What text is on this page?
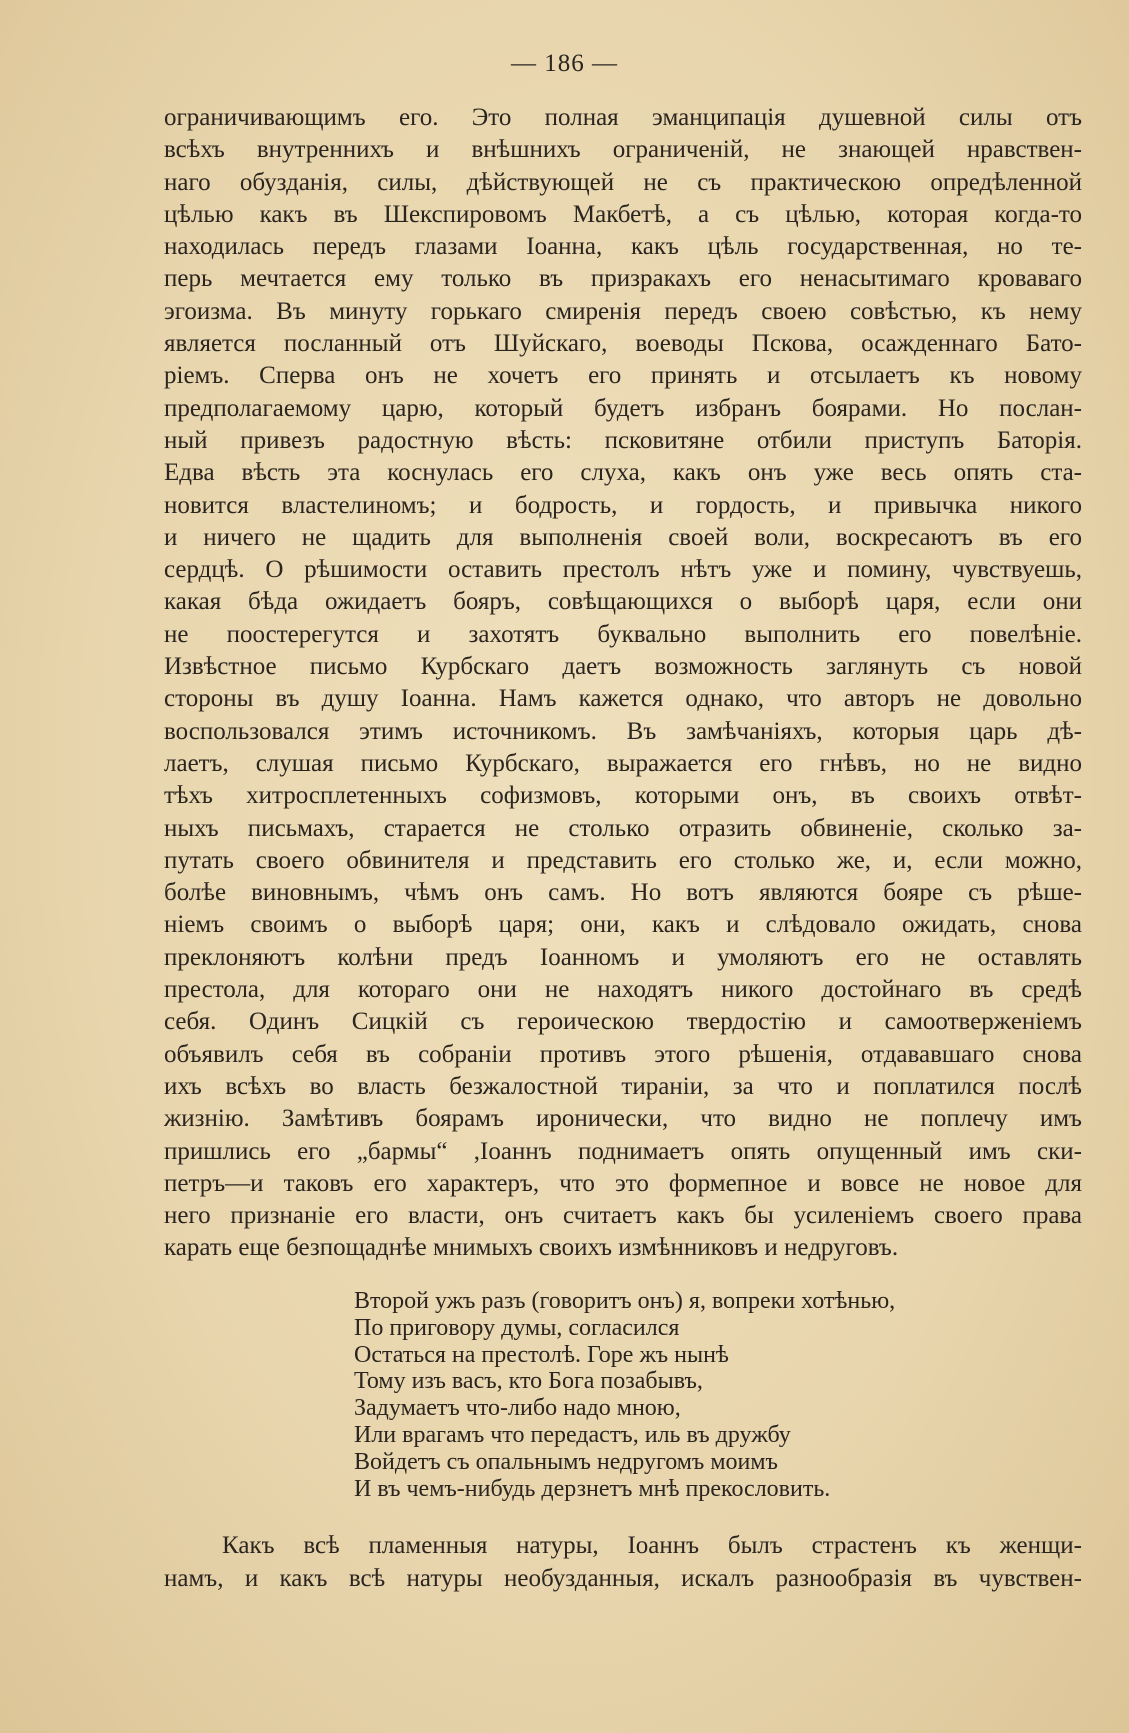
— 186 —
ограничивающимъ его. Это полная эманципація душевной силы отъ
всѣхъ внутреннихъ и внѣшнихъ ограниченій, не знающей нравствен-
наго обузданія, силы, дѣйствующей не съ практическою опредѣленной
цѣлью какъ въ Шекспировомъ Макбетѣ, а съ цѣлью, которая когда-то
находилась передъ глазами Іоанна, какъ цѣль государственная, но те-
перь мечтается ему только въ призракахъ его ненасытимаго кроваваго
эгоизма. Въ минуту горькаго смиренія передъ своею совѣстью, къ нему
является посланный отъ Шуйскаго, воеводы Пскова, осажденнаго Бато-
ріемъ. Сперва онъ не хочетъ его принять и отсылаетъ къ новому
предполагаемому царю, который будетъ избранъ боярами. Но послан-
ный привезъ радостную вѣсть: псковитяне отбили приступъ Баторія.
Едва вѣсть эта коснулась его слуха, какъ онъ уже весь опять ста-
новится властелиномъ; и бодрость, и гордость, и привычка никого
и ничего не щадить для выполненія своей воли, воскресаютъ въ его
сердцѣ. О рѣшимости оставить престолъ нѣтъ уже и помину, чувствуешь,
какая бѣда ожидаетъ бояръ, совѣщающихся о выборѣ царя, если они
не поостерегутся и захотятъ буквально выполнить его повелѣніе.
Извѣстное письмо Курбскаго даетъ возможность заглянуть съ новой
стороны въ душу Іоанна. Намъ кажется однако, что авторъ не довольно
воспользовался этимъ источникомъ. Въ замѣчаніяхъ, которыя царь дѣ-
лаетъ, слушая письмо Курбскаго, выражается его гнѣвъ, но не видно
тѣхъ хитросплетенныхъ софизмовъ, которыми онъ, въ своихъ отвѣт-
ныхъ письмахъ, старается не столько отразить обвиненіе, сколько за-
путать своего обвинителя и представить его столько же, и, если можно,
болѣе виновнымъ, чѣмъ онъ самъ. Но вотъ являются бояре съ рѣше-
ніемъ своимъ о выборѣ царя; они, какъ и слѣдовало ожидать, снова
преклоняютъ колѣни предъ Іоанномъ и умоляютъ его не оставлять
престола, для котораго они не находятъ никого достойнаго въ средѣ
себя. Одинъ Сицкій съ героическою твердостію и самоотверженіемъ
объявилъ себя въ собраніи противъ этого рѣшенія, отдававшаго снова
ихъ всѣхъ во власть безжалостной тираніи, за что и поплатился послѣ
жизнію. Замѣтивъ боярамъ иронически, что видно не поплечу имъ
пришлись его „бармы“ ,Іоаннъ поднимаетъ опять опущенный имъ ски-
петръ—и таковъ его характеръ, что это формепное и вовсе не новое для
него признаніе его власти, онъ считаетъ какъ бы усиленіемъ своего права
карать еще безпощаднѣе мнимыхъ своихъ измѣнниковъ и недруговъ.
Второй ужъ разъ (говоритъ онъ) я, вопреки хотѣнью,
По приговору думы, согласился
Остаться на престолѣ. Горе жъ нынѣ
Тому изъ васъ, кто Бога позабывъ,
Задумаетъ что-либо надо мною,
Или врагамъ что передастъ, иль въ дружбу
Войдетъ съ опальнымъ недругомъ моимъ
И въ чемъ-нибудь дерзнетъ мнѣ прекословить.
Какъ всѣ пламенныя натуры, Іоаннъ былъ страстенъ къ женщи-
намъ, и какъ всѣ натуры необузданныя, искалъ разнообразія въ чувствен-
